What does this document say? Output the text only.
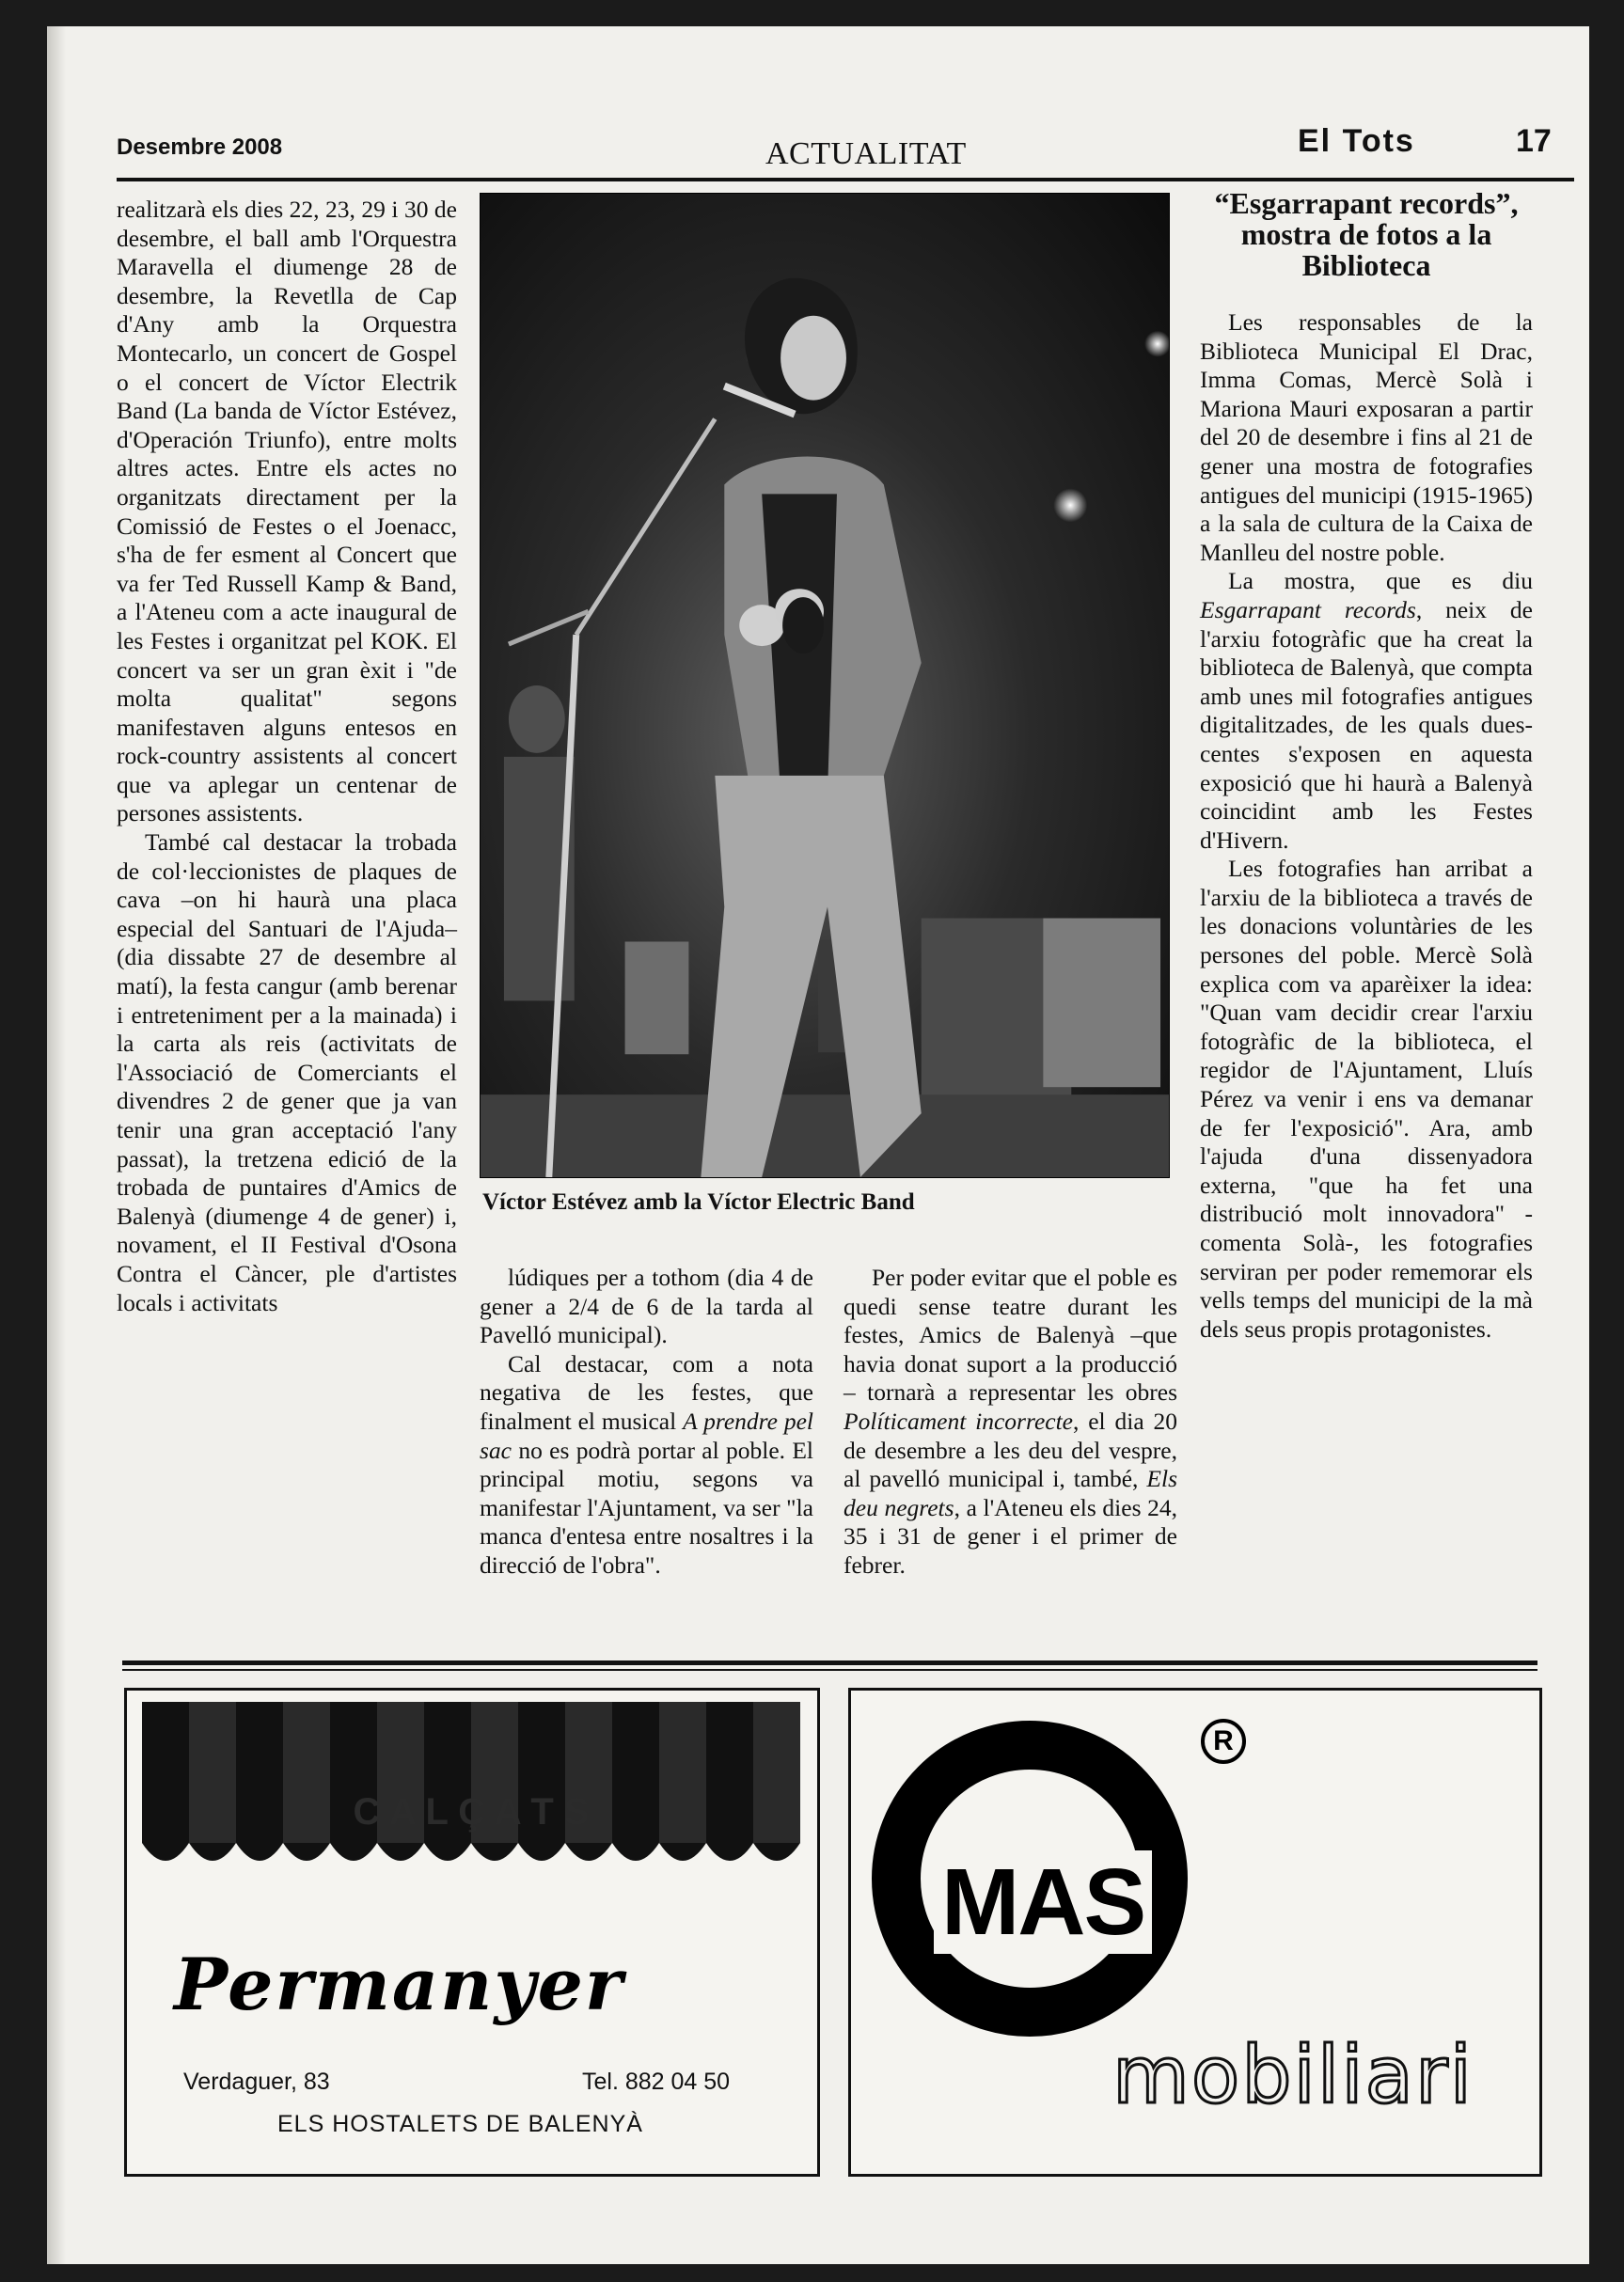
Desembre 2008	ACTUALITAT	El Tots	17

realitzarà els dies 22, 23, 29 i 30 de desembre, el ball amb l'Orquestra Maravella el diumenge 28 de desembre, la Revetlla de Cap d'Any amb la Orquestra Montecarlo, un concert de Gospel o el concert de Víctor Electrik Band (La banda de Víctor Estévez, d'Operación Triunfo), entre molts altres actes. Entre els actes no organitzats directament per la Comissió de Festes o el Joenacc, s'ha de fer esment al Concert que va fer Ted Russell Kamp & Band, a l'Ateneu com a acte inaugural de les Festes i organitzat pel KOK. El concert va ser un gran èxit i "de molta qualitat" segons manifestaven alguns entesos en rock-country assistents al concert que va aplegar un centenar de persones assistents.

També cal destacar la trobada de col·leccionistes de plaques de cava –on hi haurà una placa especial del Santuari de l'Ajuda– (dia dissabte 27 de desembre al matí), la festa cangur (amb berenar i entreteniment per a la mainada) i la carta als reis (activitats de l'Associació de Comerciants el divendres 2 de gener que ja van tenir una gran acceptació l'any passat), la tretzena edició de la trobada de puntaires d'Amics de Balenyà (diumenge 4 de gener) i, novament, el II Festival d'Osona Contra el Càncer, ple d'artistes locals i activitats

Víctor Estévez amb la Víctor Electric Band

lúdiques per a tothom (dia 4 de gener a 2/4 de 6 de la tarda al Pavelló municipal).

Cal destacar, com a nota negativa de les festes, que finalment el musical A prendre pel sac no es podrà portar al poble. El principal motiu, segons va manifestar l'Ajuntament, va ser "la manca d'entesa entre nosaltres i la direcció de l'obra".

Per poder evitar que el poble es quedi sense teatre durant les festes, Amics de Balenyà –que havia donat suport a la producció – tornarà a representar les obres Políticament incorrecte, el dia 20 de desembre a les deu del vespre, al pavelló municipal i, també, Els deu negrets, a l'Ateneu els dies 24, 35 i 31 de gener i el primer de febrer.

“Esgarrapant records”, mostra de fotos a la Biblioteca

Les responsables de la Biblioteca Municipal El Drac, Imma Comas, Mercè Solà i Mariona Mauri exposaran a partir del 20 de desembre i fins al 21 de gener una mostra de fotografies antigues del municipi (1915-1965) a la sala de cultura de la Caixa de Manlleu del nostre poble.

La mostra, que es diu Esgarrapant records, neix de l'arxiu fotogràfic que ha creat la biblioteca de Balenyà, que compta amb unes mil fotografies antigues digitalitzades, de les quals dues-centes s'exposen en aquesta exposició que hi haurà a Balenyà coincidint amb les Festes d'Hivern.

Les fotografies han arribat a l'arxiu de la biblioteca a través de les donacions voluntàries de les persones del poble. Mercè Solà explica com va aparèixer la idea: "Quan vam decidir crear l'arxiu fotogràfic de la biblioteca, el regidor de l'Ajuntament, Lluís Pérez va venir i ens va demanar de fer l'exposició". Ara, amb l'ajuda d'una dissenyadora externa, "que ha fet una distribució molt innovadora" -comenta Solà-, les fotografies serviran per poder rememorar els vells temps del municipi de la mà dels seus propis protagonistes.

C A L Ç A T S
Permanyer
Verdaguer, 83	Tel. 882 04 50
ELS HOSTALETS DE BALENYÀ
MAS
R
mobiliari
